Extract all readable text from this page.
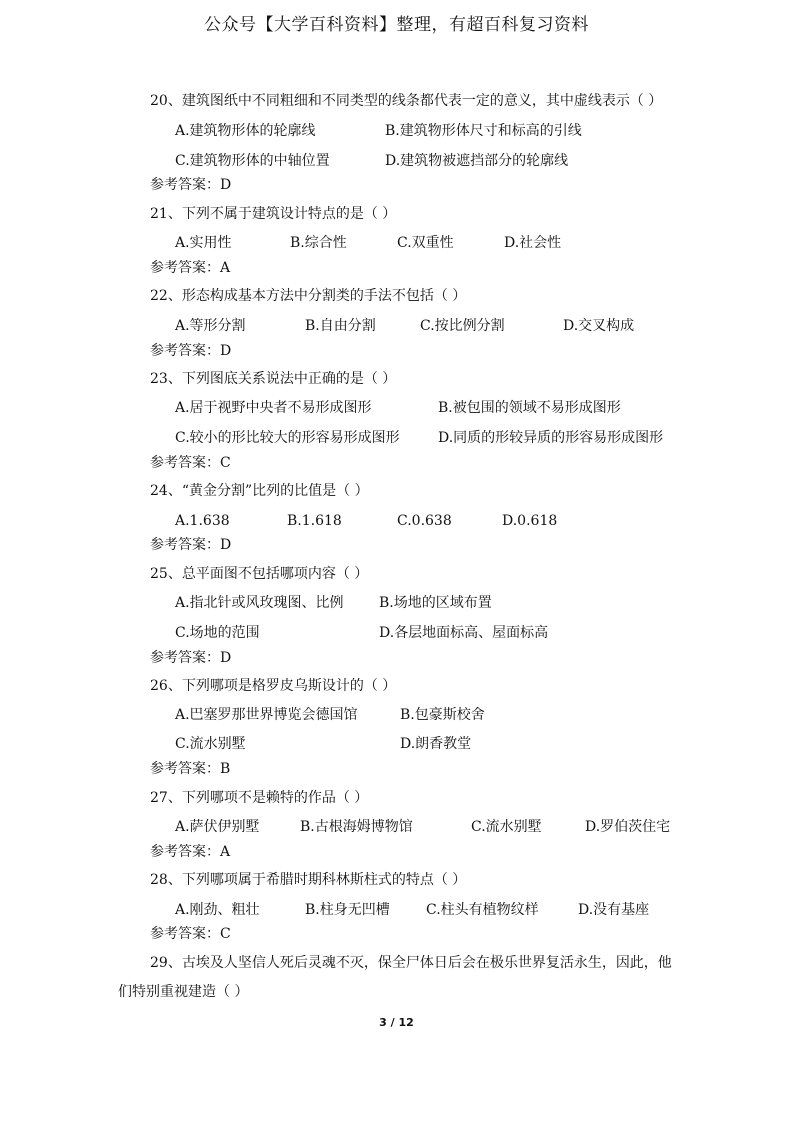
公众号【大学百科资料】整理，有超百科复习资料
20、建筑图纸中不同粗细和不同类型的线条都代表一定的意义，其中虚线表示（ ）
A.建筑物形体的轮廓线	B.建筑物形体尺寸和标高的引线
C.建筑物形体的中轴位置	D.建筑物被遮挡部分的轮廓线
参考答案：D
21、下列不属于建筑设计特点的是（ ）
A.实用性	B.综合性	C.双重性	D.社会性
参考答案：A
22、形态构成基本方法中分割类的手法不包括（ ）
A.等形分割	B.自由分割	C.按比例分割	D.交叉构成
参考答案：D
23、下列图底关系说法中正确的是（ ）
A.居于视野中央者不易形成图形	B.被包围的领域不易形成图形
C.较小的形比较大的形容易形成图形	D.同质的形较异质的形容易形成图形
参考答案：C
24、“黄金分割”比列的比值是（ ）
A.1.638	B.1.618	C.0.638	D.0.618
参考答案：D
25、总平面图不包括哪项内容（ ）
A.指北针或风玫瑰图、比例	B.场地的区域布置
C.场地的范围	D.各层地面标高、屋面标高
参考答案：D
26、下列哪项是格罗皮乌斯设计的（ ）
A.巴塞罗那世界博览会德国馆	B.包豪斯校舍
C.流水别墅	D.朗香教堂
参考答案：B
27、下列哪项不是赖特的作品（ ）
A.萨伏伊别墅	B.古根海姆博物馆	C.流水别墅	D.罗伯茨住宅
参考答案：A
28、下列哪项属于希腊时期科林斯柱式的特点（ ）
A.刚劲、粗壮	B.柱身无凹槽	C.柱头有植物纹样	D.没有基座
参考答案：C
29、古埃及人坚信人死后灵魂不灭，保全尸体日后会在极乐世界复活永生，因此，他们特别重视建造（ ）
3 / 12
